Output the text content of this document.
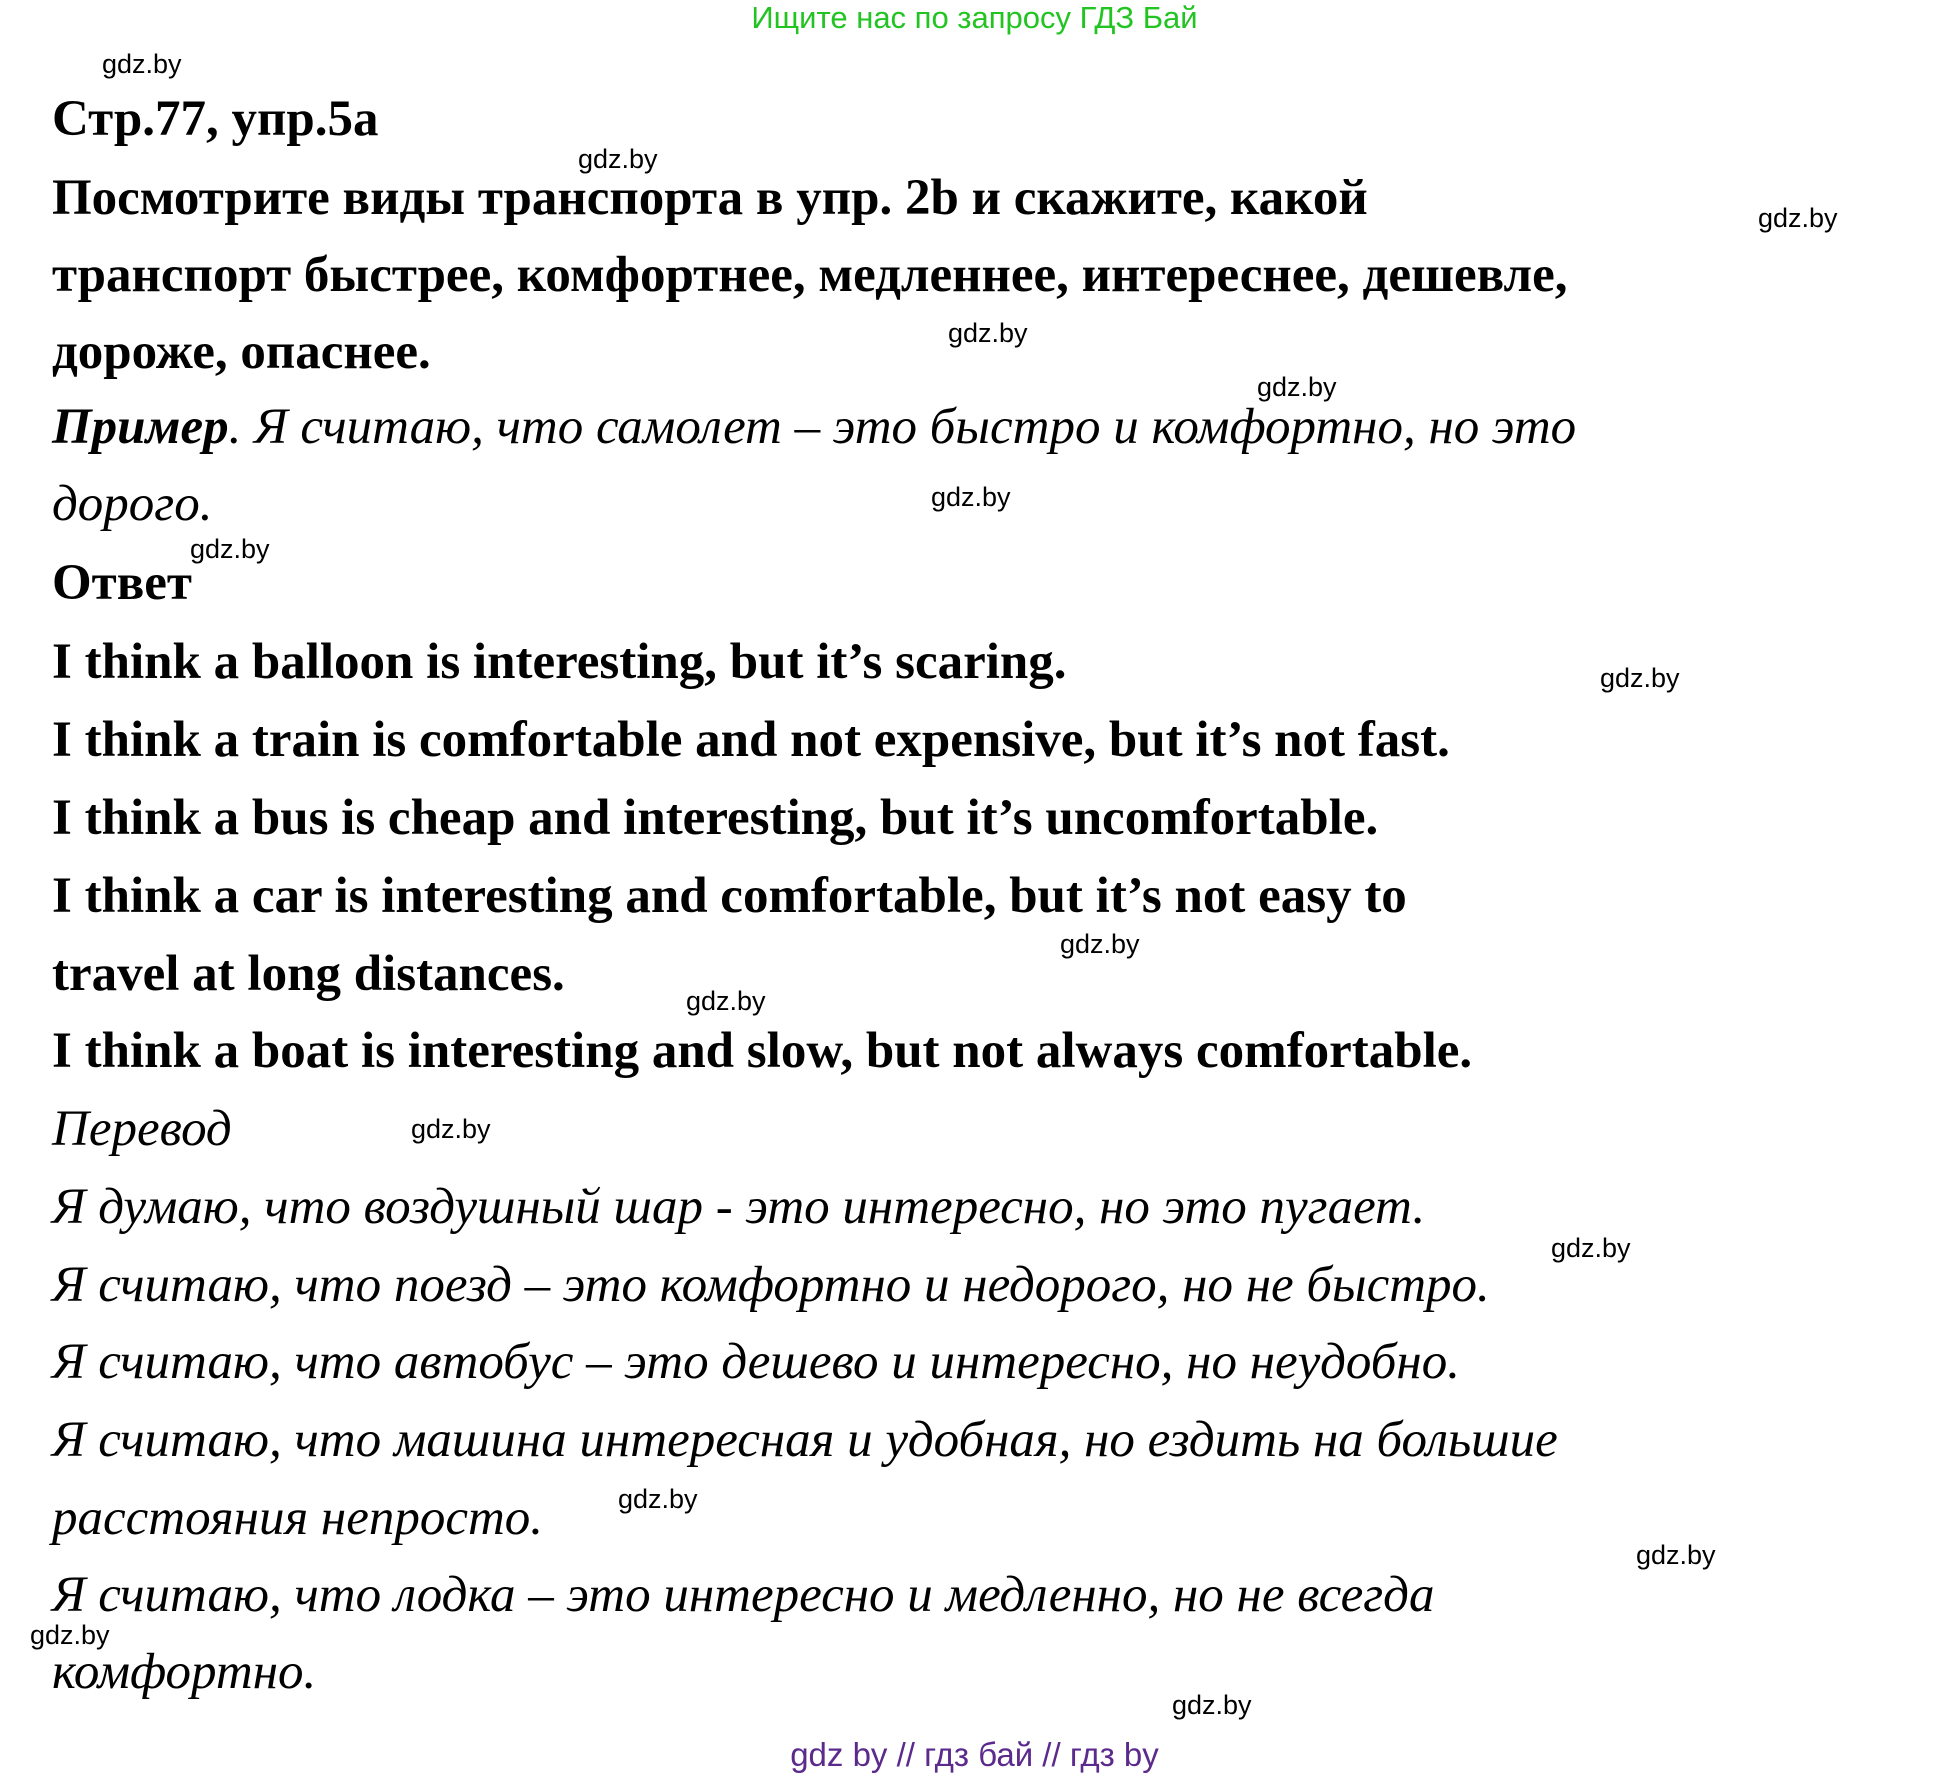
Ищите нас по запросу ГДЗ Бай
Стр.77, упр.5а
Посмотрите виды транспорта в упр. 2b и скажите, какой
транспорт быстрее, комфортнее, медленнее, интереснее, дешевле,
дороже, опаснее.
Пример. Я считаю, что самолет – это быстро и комфортно, но это
дорого.
Ответ
I think a balloon is interesting, but it’s scaring.
I think a train is comfortable and not expensive, but it’s not fast.
I think a bus is cheap and interesting, but it’s uncomfortable.
I think a car is interesting and comfortable, but it’s not easy to
travel at long distances.
I think a boat is interesting and slow, but not always comfortable.
Перевод
Я думаю, что воздушный шар - это интересно, но это пугает.
Я считаю, что поезд – это комфортно и недорого, но не быстро.
Я считаю, что автобус – это дешево и интересно, но неудобно.
Я считаю, что машина интересная и удобная, но ездить на большие
расстояния непросто.
Я считаю, что лодка – это интересно и медленно, но не всегда
комфортно.
gdz.by
gdz.by
gdz.by
gdz.by
gdz.by
gdz.by
gdz.by
gdz.by
gdz.by
gdz.by
gdz.by
gdz.by
gdz.by
gdz.by
gdz.by
gdz.by
gdz by // гдз бай // гдз by
